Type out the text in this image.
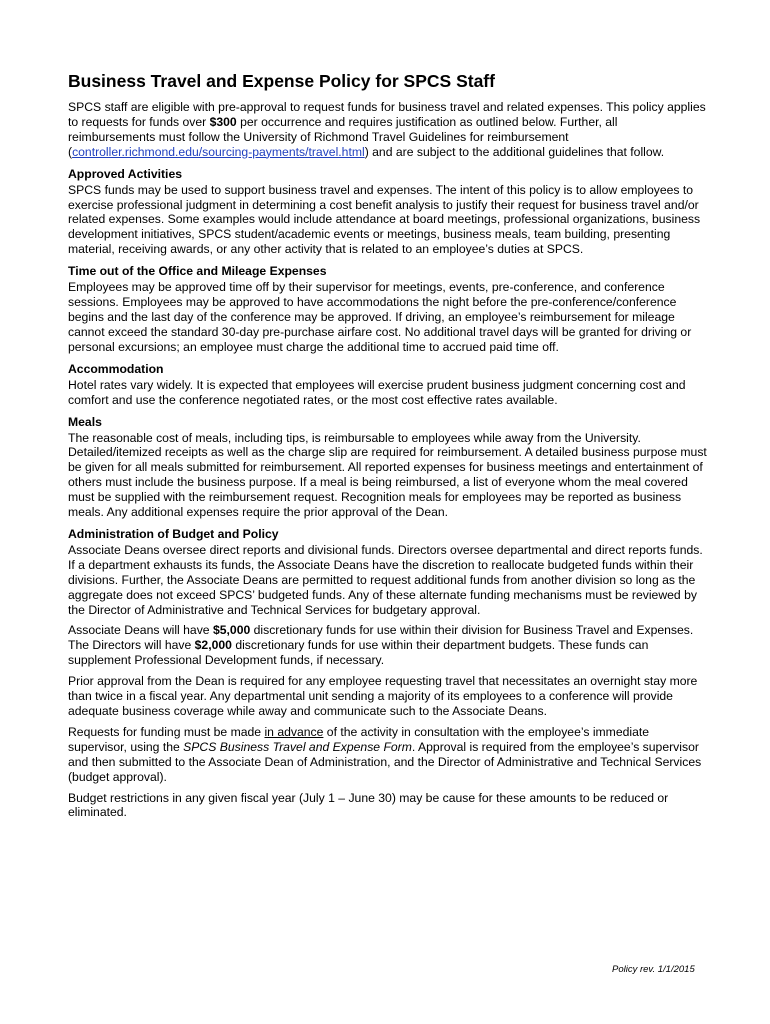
Business Travel and Expense Policy for SPCS Staff

SPCS staff are eligible with pre-approval to request funds for business travel and related expenses. This policy applies to requests for funds over $300 per occurrence and requires justification as outlined below. Further, all reimbursements must follow the University of Richmond Travel Guidelines for reimbursement (controller.richmond.edu/sourcing-payments/travel.html) and are subject to the additional guidelines that follow.

Approved Activities

SPCS funds may be used to support business travel and expenses. The intent of this policy is to allow employees to exercise professional judgment in determining a cost benefit analysis to justify their request for business travel and/or related expenses. Some examples would include attendance at board meetings, professional organizations, business development initiatives, SPCS student/academic events or meetings, business meals, team building, presenting material, receiving awards, or any other activity that is related to an employee’s duties at SPCS.

Time out of the Office and Mileage Expenses

Employees may be approved time off by their supervisor for meetings, events, pre-conference, and conference sessions. Employees may be approved to have accommodations the night before the pre-conference/conference begins and the last day of the conference may be approved. If driving, an employee’s reimbursement for mileage cannot exceed the standard 30-day pre-purchase airfare cost. No additional travel days will be granted for driving or personal excursions; an employee must charge the additional time to accrued paid time off.

Accommodation

Hotel rates vary widely. It is expected that employees will exercise prudent business judgment concerning cost and comfort and use the conference negotiated rates, or the most cost effective rates available.

Meals

The reasonable cost of meals, including tips, is reimbursable to employees while away from the University. Detailed/itemized receipts as well as the charge slip are required for reimbursement. A detailed business purpose must be given for all meals submitted for reimbursement. All reported expenses for business meetings and entertainment of others must include the business purpose. If a meal is being reimbursed, a list of everyone whom the meal covered must be supplied with the reimbursement request. Recognition meals for employees may be reported as business meals. Any additional expenses require the prior approval of the Dean.

Administration of Budget and Policy

Associate Deans oversee direct reports and divisional funds. Directors oversee departmental and direct reports funds. If a department exhausts its funds, the Associate Deans have the discretion to reallocate budgeted funds within their divisions. Further, the Associate Deans are permitted to request additional funds from another division so long as the aggregate does not exceed SPCS’ budgeted funds. Any of these alternate funding mechanisms must be reviewed by the Director of Administrative and Technical Services for budgetary approval.

Associate Deans will have $5,000 discretionary funds for use within their division for Business Travel and Expenses. The Directors will have $2,000 discretionary funds for use within their department budgets. These funds can supplement Professional Development funds, if necessary.

Prior approval from the Dean is required for any employee requesting travel that necessitates an overnight stay more than twice in a fiscal year. Any departmental unit sending a majority of its employees to a conference will provide adequate business coverage while away and communicate such to the Associate Deans.

Requests for funding must be made in advance of the activity in consultation with the employee’s immediate supervisor, using the SPCS Business Travel and Expense Form. Approval is required from the employee’s supervisor and then submitted to the Associate Dean of Administration, and the Director of Administrative and Technical Services (budget approval).

Budget restrictions in any given fiscal year (July 1 – June 30) may be cause for these amounts to be reduced or eliminated.

Policy rev. 1/1/2015
